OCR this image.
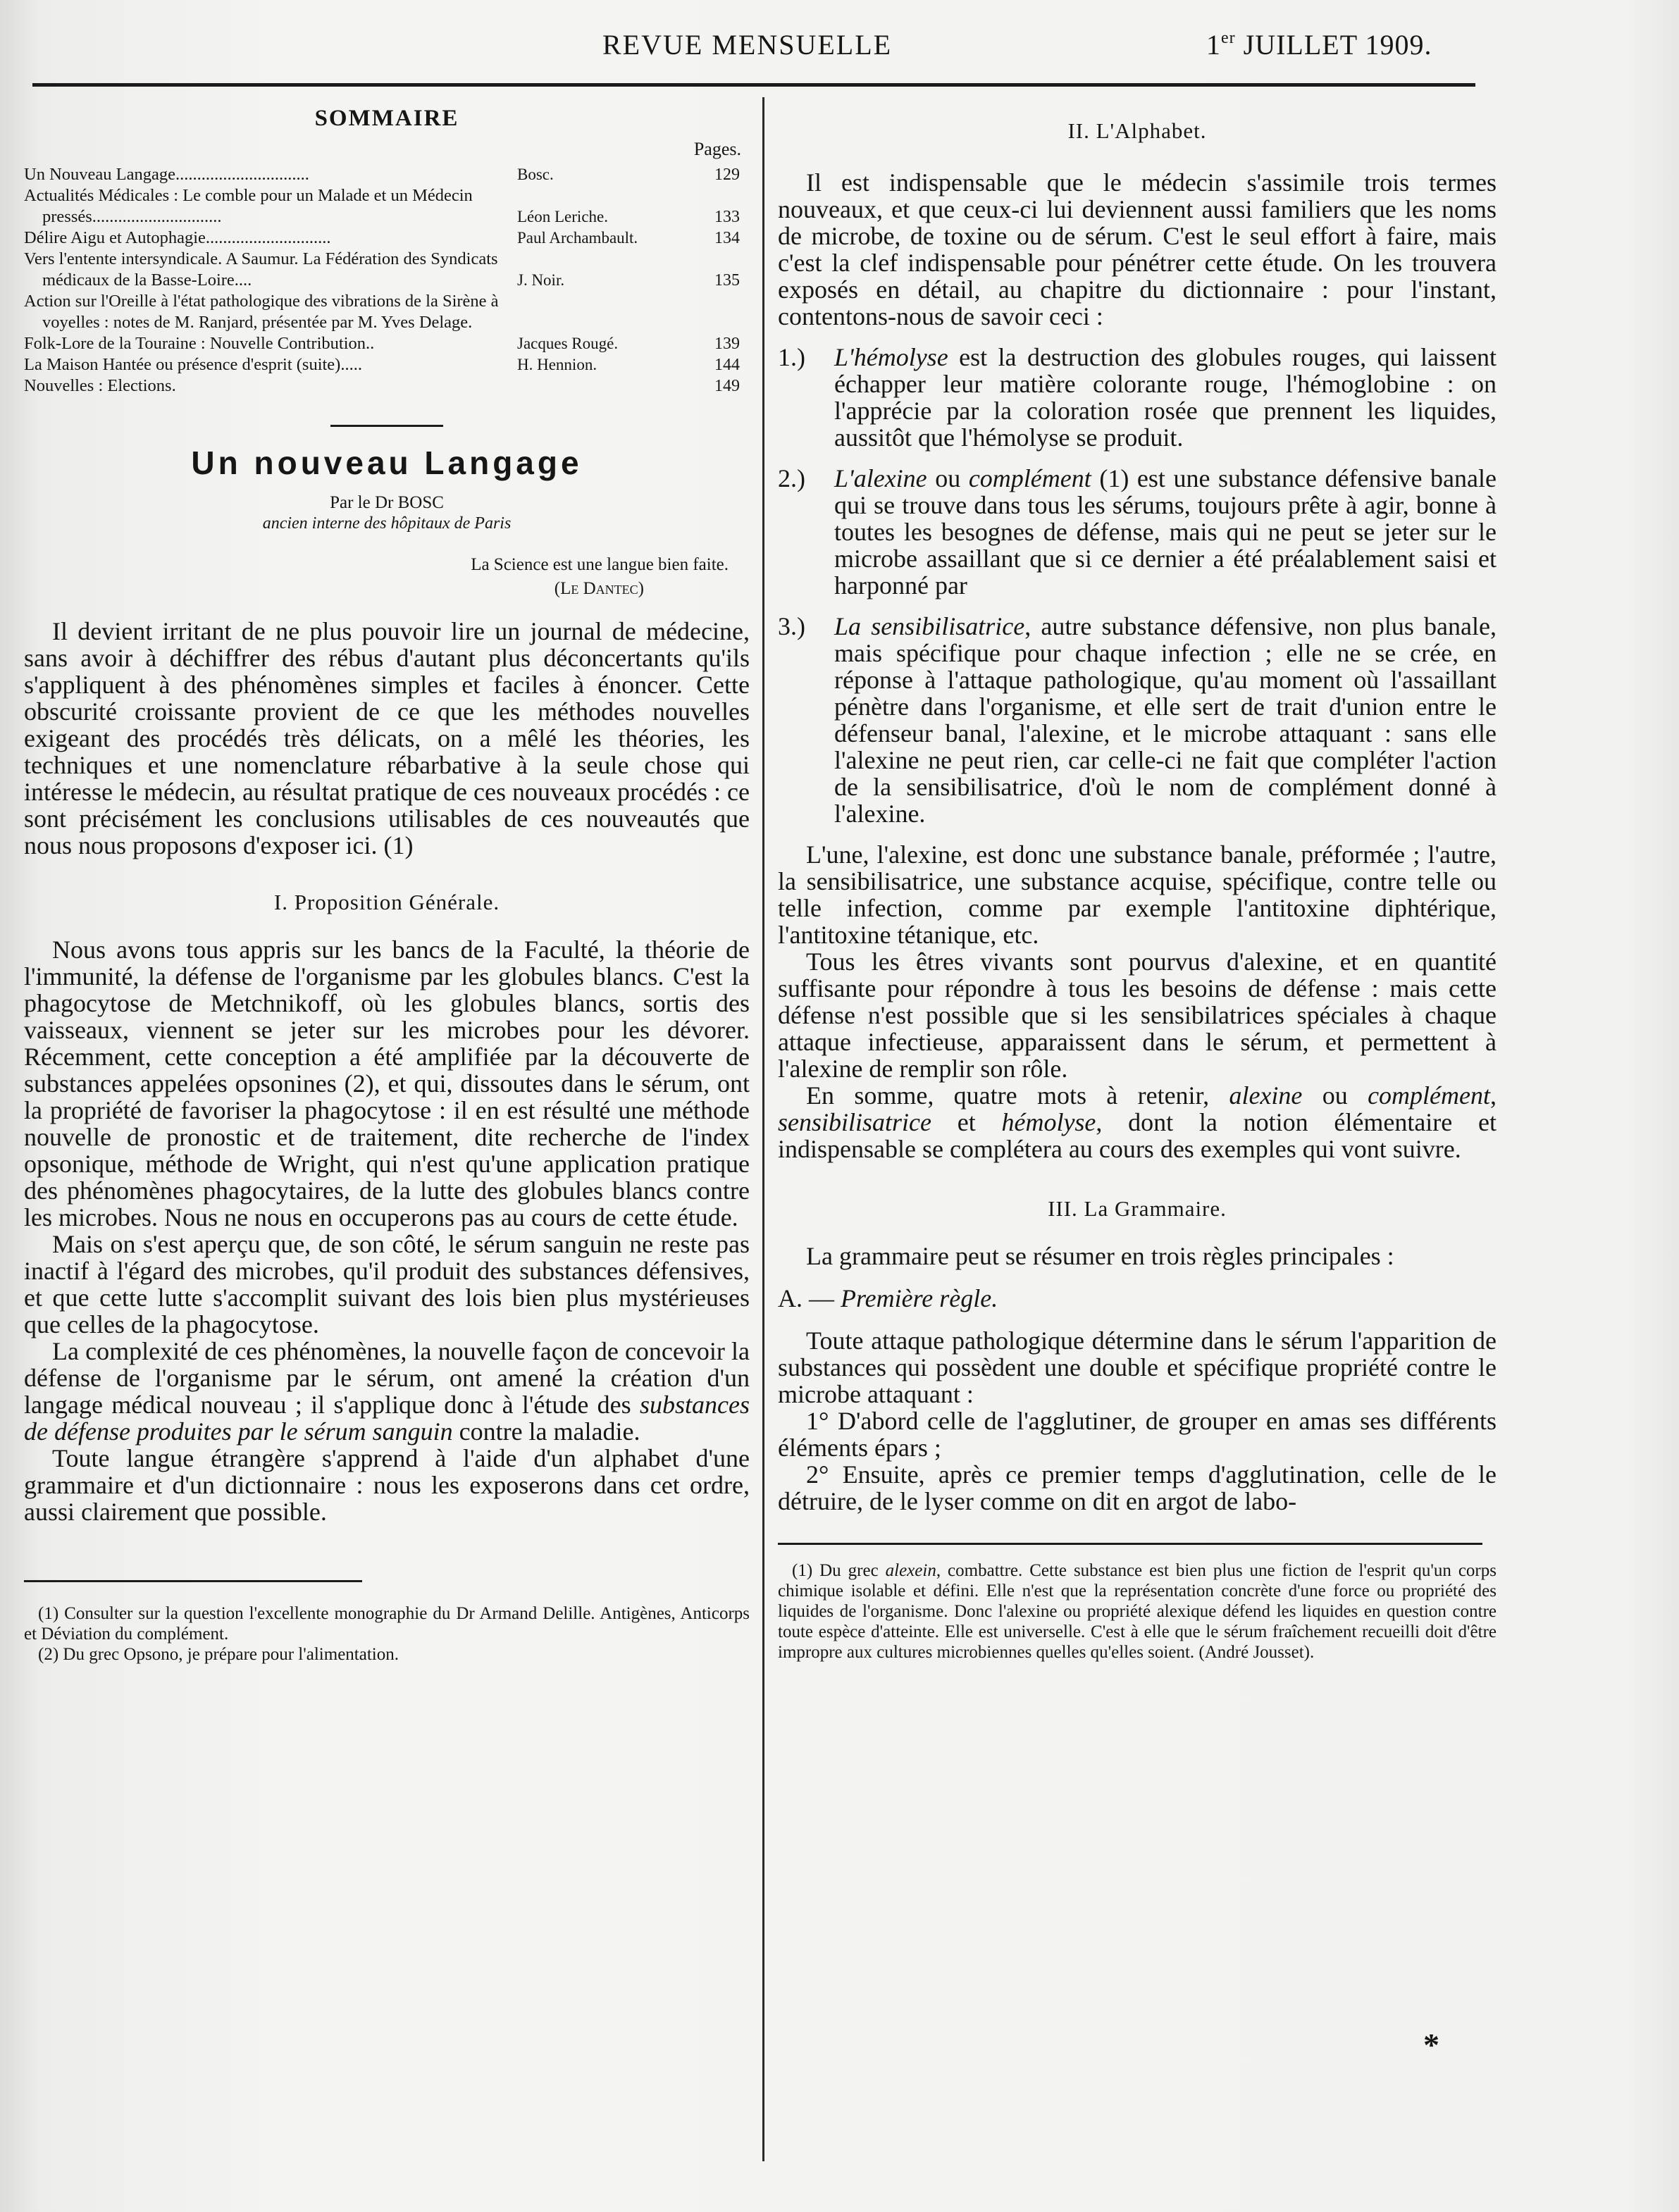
REVUE MENSUELLE	1er JUILLET 1909.
SOMMAIRE
Pages.
Un Nouveau Langage...............................	Bosc.	129
Actualités Médicales : Le comble pour un Malade et un Médecin pressés..............................	Léon Leriche.	133
Délire Aigu et Autophagie.............................	Paul Archambault.	134
Vers l'entente intersyndicale. A Saumur. La Fédération des Syndicats médicaux de la Basse-Loire....	J. Noir.	135
Action sur l'Oreille à l'état pathologique des vibrations de la Sirène à voyelles : notes de M. Ranjard, présentée par M. Yves Delage.
Folk-Lore de la Touraine : Nouvelle Contribution..	Jacques Rougé.	139
La Maison Hantée ou présence d'esprit (suite).....	H. Hennion.	144
Nouvelles : Elections.	149
Un nouveau Langage
Par le Dr BOSC
ancien interne des hôpitaux de Paris
La Science est une langue bien faite.
(Le Dantec)

Il devient irritant de ne plus pouvoir lire un journal de médecine, sans avoir à déchiffrer des rébus d'autant plus déconcertants qu'ils s'appliquent à des phénomènes simples et faciles à énoncer. Cette obscurité croissante provient de ce que les méthodes nouvelles exigeant des procédés très délicats, on a mêlé les théories, les techniques et une nomenclature rébarbative à la seule chose qui intéresse le médecin, au résultat pratique de ces nouveaux procédés : ce sont précisément les conclusions utilisables de ces nouveautés que nous nous proposons d'exposer ici. (1)

I. Proposition Générale.

Nous avons tous appris sur les bancs de la Faculté, la théorie de l'immunité, la défense de l'organisme par les globules blancs. C'est la phagocytose de Metchnikoff, où les globules blancs, sortis des vaisseaux, viennent se jeter sur les microbes pour les dévorer. Récemment, cette conception a été amplifiée par la découverte de substances appelées opsonines (2), et qui, dissoutes dans le sérum, ont la propriété de favoriser la phagocytose : il en est résulté une méthode nouvelle de pronostic et de traitement, dite recherche de l'index opsonique, méthode de Wright, qui n'est qu'une application pratique des phénomènes phagocytaires, de la lutte des globules blancs contre les microbes. Nous ne nous en occuperons pas au cours de cette étude.

Mais on s'est aperçu que, de son côté, le sérum sanguin ne reste pas inactif à l'égard des microbes, qu'il produit des substances défensives, et que cette lutte s'accomplit suivant des lois bien plus mystérieuses que celles de la phagocytose.

La complexité de ces phénomènes, la nouvelle façon de concevoir la défense de l'organisme par le sérum, ont amené la création d'un langage médical nouveau ; il s'applique donc à l'étude des substances de défense produites par le sérum sanguin contre la maladie.

Toute langue étrangère s'apprend à l'aide d'un alphabet d'une grammaire et d'un dictionnaire : nous les exposerons dans cet ordre, aussi clairement que possible.

(1) Consulter sur la question l'excellente monographie du Dr Armand Delille. Antigènes, Anticorps et Déviation du complément.

(2) Du grec Opsono, je prépare pour l'alimentation.

II. L'Alphabet.

Il est indispensable que le médecin s'assimile trois termes nouveaux, et que ceux-ci lui deviennent aussi familiers que les noms de microbe, de toxine ou de sérum. C'est le seul effort à faire, mais c'est la clef indispensable pour pénétrer cette étude. On les trouvera exposés en détail, au chapitre du dictionnaire : pour l'instant, contentons-nous de savoir ceci :

1.) L'hémolyse est la destruction des globules rouges, qui laissent échapper leur matière colorante rouge, l'hémoglobine : on l'apprécie par la coloration rosée que prennent les liquides, aussitôt que l'hémolyse se produit.

2.) L'alexine ou complément (1) est une substance défensive banale qui se trouve dans tous les sérums, toujours prête à agir, bonne à toutes les besognes de défense, mais qui ne peut se jeter sur le microbe assaillant que si ce dernier a été préalablement saisi et harponné par

3.) La sensibilisatrice, autre substance défensive, non plus banale, mais spécifique pour chaque infection ; elle ne se crée, en réponse à l'attaque pathologique, qu'au moment où l'assaillant pénètre dans l'organisme, et elle sert de trait d'union entre le défenseur banal, l'alexine, et le microbe attaquant : sans elle l'alexine ne peut rien, car celle-ci ne fait que compléter l'action de la sensibilisatrice, d'où le nom de complément donné à l'alexine.

L'une, l'alexine, est donc une substance banale, préformée ; l'autre, la sensibilisatrice, une substance acquise, spécifique, contre telle ou telle infection, comme par exemple l'antitoxine diphtérique, l'antitoxine tétanique, etc.

Tous les êtres vivants sont pourvus d'alexine, et en quantité suffisante pour répondre à tous les besoins de défense : mais cette défense n'est possible que si les sensibilatrices spéciales à chaque attaque infectieuse, apparaissent dans le sérum, et permettent à l'alexine de remplir son rôle.

En somme, quatre mots à retenir, alexine ou complément, sensibilisatrice et hémolyse, dont la notion élémentaire et indispensable se complétera au cours des exemples qui vont suivre.

III. La Grammaire.

La grammaire peut se résumer en trois règles principales :

A. — Première règle.

Toute attaque pathologique détermine dans le sérum l'apparition de substances qui possèdent une double et spécifique propriété contre le microbe attaquant :

1° D'abord celle de l'agglutiner, de grouper en amas ses différents éléments épars ;

2° Ensuite, après ce premier temps d'agglutination, celle de le détruire, de le lyser comme on dit en argot de labo-

(1) Du grec alexein, combattre. Cette substance est bien plus une fiction de l'esprit qu'un corps chimique isolable et défini. Elle n'est que la représentation concrète d'une force ou propriété des liquides de l'organisme. Donc l'alexine ou propriété alexique défend les liquides en question contre toute espèce d'atteinte. Elle est universelle. C'est à elle que le sérum fraîchement recueilli doit d'être impropre aux cultures microbiennes quelles qu'elles soient. (André Jousset).

*
